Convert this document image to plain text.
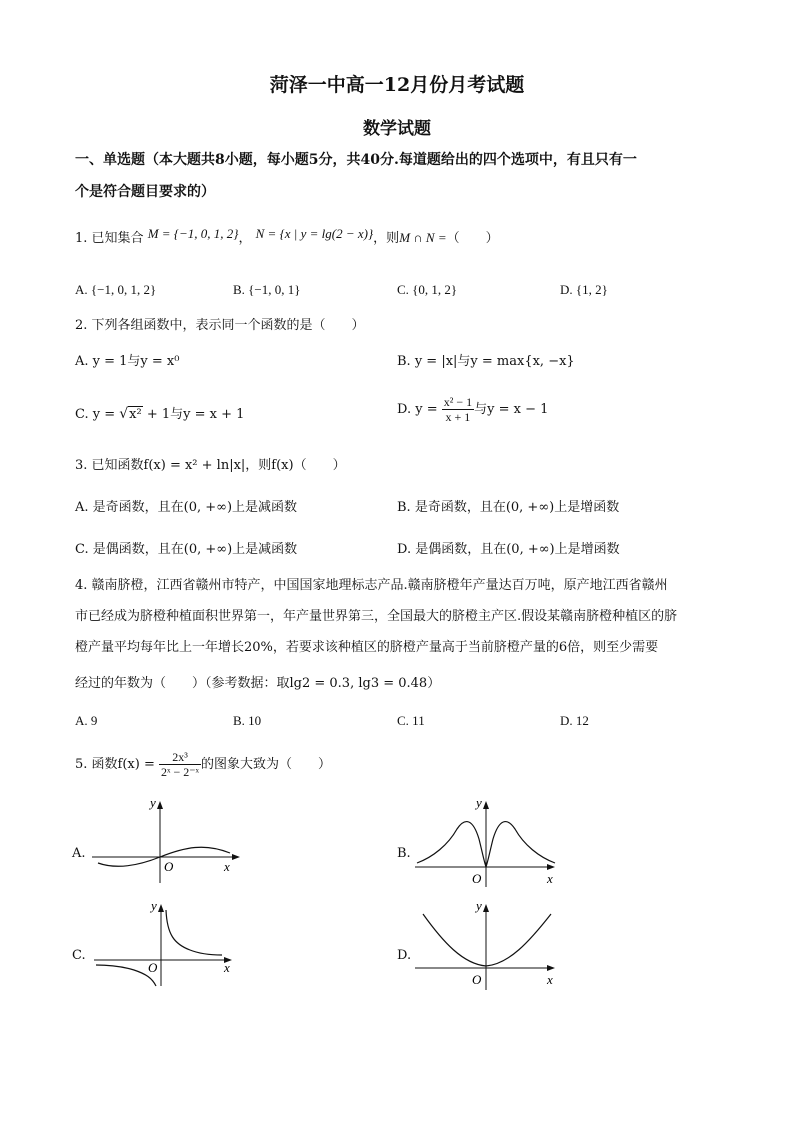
菏泽一中高一12月份月考试题
数学试题
一、单选题（本大题共8小题，每小题5分，共40分.每道题给出的四个选项中，有且只有一
个是符合题目要求的）
1. 已知集合 M = {−1, 0, 1, 2}， N = {x | y = lg(2 − x)}，则M ∩ N =（　　）
A. {−1, 0, 1, 2}	B. {−1, 0, 1}	C. {0, 1, 2}	D. {1, 2}
2. 下列各组函数中，表示同一个函数的是（　　）
A. y = 1与y = x⁰	B. y = |x|与y = max{x, −x}
C. y = √x² + 1与y = x + 1	D. $y = \frac{\text{x² − 1}}{x + 1}$ 与y = x − 1
3. 已知函数f(x) = x² + ln|x|，则f(x)（　　）
A. 是奇函数，且在(0, +∞)上是减函数	B. 是奇函数，且在(0, +∞)上是增函数
C. 是偶函数，且在(0, +∞)上是减函数	D. 是偶函数，且在(0, +∞)上是增函数
4. 赣南脐橙，江西省赣州市特产，中国国家地理标志产品.赣南脐橙年产量达百万吨，原产地江西省赣州
市已经成为脐橙种植面积世界第一，年产量世界第三，全国最大的脐橙主产区.假设某赣南脐橙种植区的脐
橙产量平均每年比上一年增长20%，若要求该种植区的脐橙产量高于当前脐橙产量的6倍，则至少需要
经过的年数为（　　）（参考数据：取lg2 = 0.3, lg3 = 0.48）
A. 9	B. 10	C. 11	D. 12
5. 函数$f(x) = \frac{\text{2x³}}{\text{2ˣ − 2⁻ˣ}}$ 的图象大致为（　　）
A.	B.
C.	D.
y
x
O
y
x
O
y
x
O
y
x
O
